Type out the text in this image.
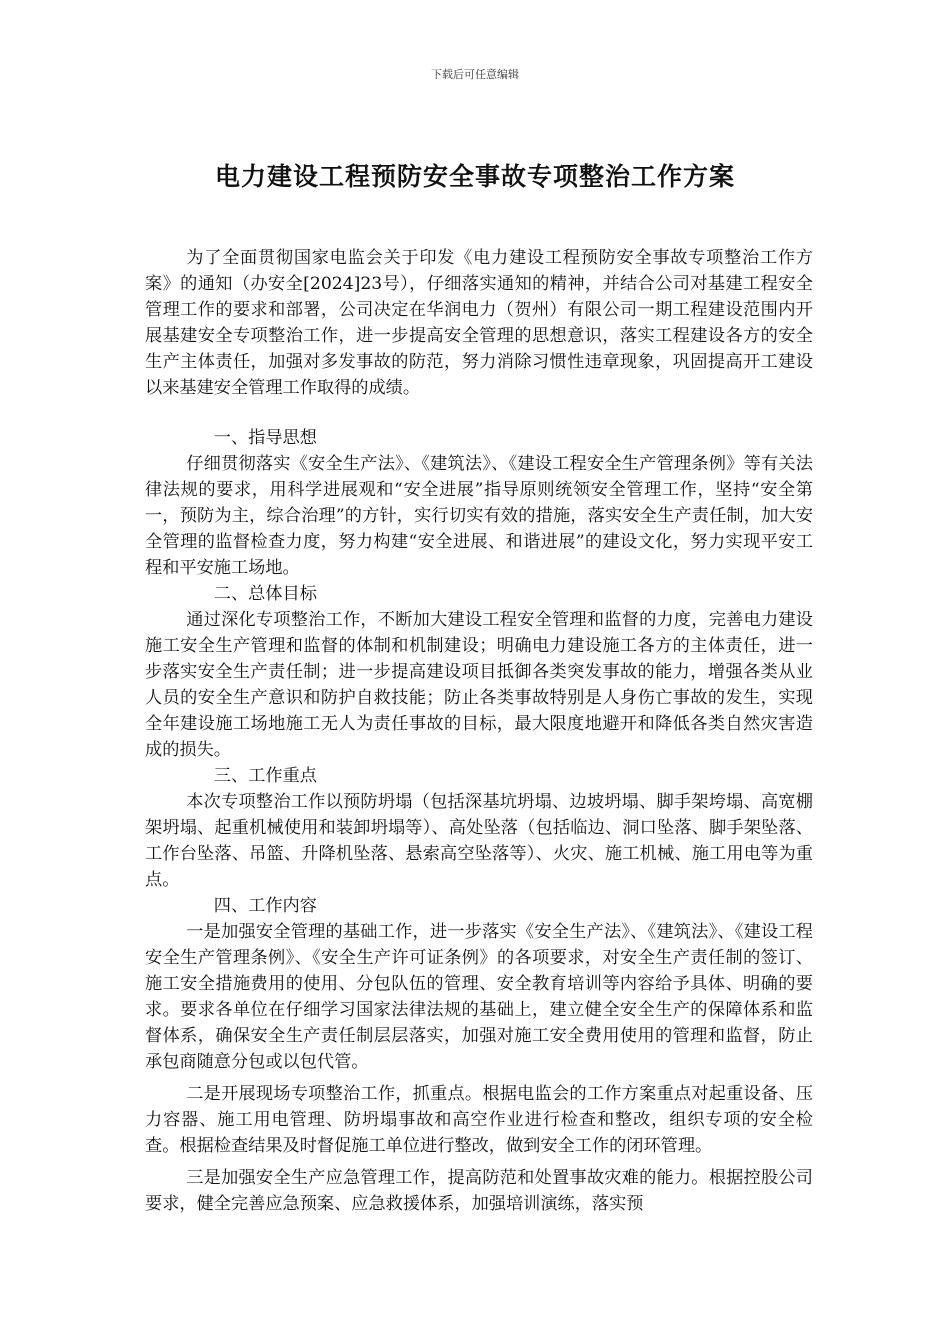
下载后可任意编辑
电力建设工程预防安全事故专项整治工作方案

为了全面贯彻国家电监会关于印发《电力建设工程预防安全事故专项整治工作方案》的通知（办安全[2024]23号），仔细落实通知的精神，并结合公司对基建工程安全管理工作的要求和部署，公司决定在华润电力（贺州）有限公司一期工程建设范围内开展基建安全专项整治工作，进一步提高安全管理的思想意识，落实工程建设各方的安全生产主体责任，加强对多发事故的防范，努力消除习惯性违章现象，巩固提高开工建设以来基建安全管理工作取得的成绩。

一、指导思想

仔细贯彻落实《安全生产法》、《建筑法》、《建设工程安全生产管理条例》等有关法律法规的要求，用科学进展观和“安全进展”指导原则统领安全管理工作，坚持“安全第一，预防为主，综合治理”的方针，实行切实有效的措施，落实安全生产责任制，加大安全管理的监督检查力度，努力构建“安全进展、和谐进展”的建设文化，努力实现平安工程和平安施工场地。

二、总体目标

通过深化专项整治工作，不断加大建设工程安全管理和监督的力度，完善电力建设施工安全生产管理和监督的体制和机制建设；明确电力建设施工各方的主体责任，进一步落实安全生产责任制；进一步提高建设项目抵御各类突发事故的能力，增强各类从业人员的安全生产意识和防护自救技能；防止各类事故特别是人身伤亡事故的发生，实现全年建设施工场地施工无人为责任事故的目标，最大限度地避开和降低各类自然灾害造成的损失。

三、工作重点

本次专项整治工作以预防坍塌（包括深基坑坍塌、边坡坍塌、脚手架垮塌、高宽棚架坍塌、起重机械使用和装卸坍塌等）、高处坠落（包括临边、洞口坠落、脚手架坠落、工作台坠落、吊篮、升降机坠落、悬索高空坠落等）、火灾、施工机械、施工用电等为重点。

四、工作内容

一是加强安全管理的基础工作，进一步落实《安全生产法》、《建筑法》、《建设工程安全生产管理条例》、《安全生产许可证条例》的各项要求，对安全生产责任制的签订、施工安全措施费用的使用、分包队伍的管理、安全教育培训等内容给予具体、明确的要求。要求各单位在仔细学习国家法律法规的基础上，建立健全安全生产的保障体系和监督体系，确保安全生产责任制层层落实，加强对施工安全费用使用的管理和监督，防止承包商随意分包或以包代管。

二是开展现场专项整治工作，抓重点。根据电监会的工作方案重点对起重设备、压力容器、施工用电管理、防坍塌事故和高空作业进行检查和整改，组织专项的安全检查。根据检查结果及时督促施工单位进行整改，做到安全工作的闭环管理。

三是加强安全生产应急管理工作，提高防范和处置事故灾难的能力。根据控股公司要求，健全完善应急预案、应急救援体系，加强培训演练，落实预
